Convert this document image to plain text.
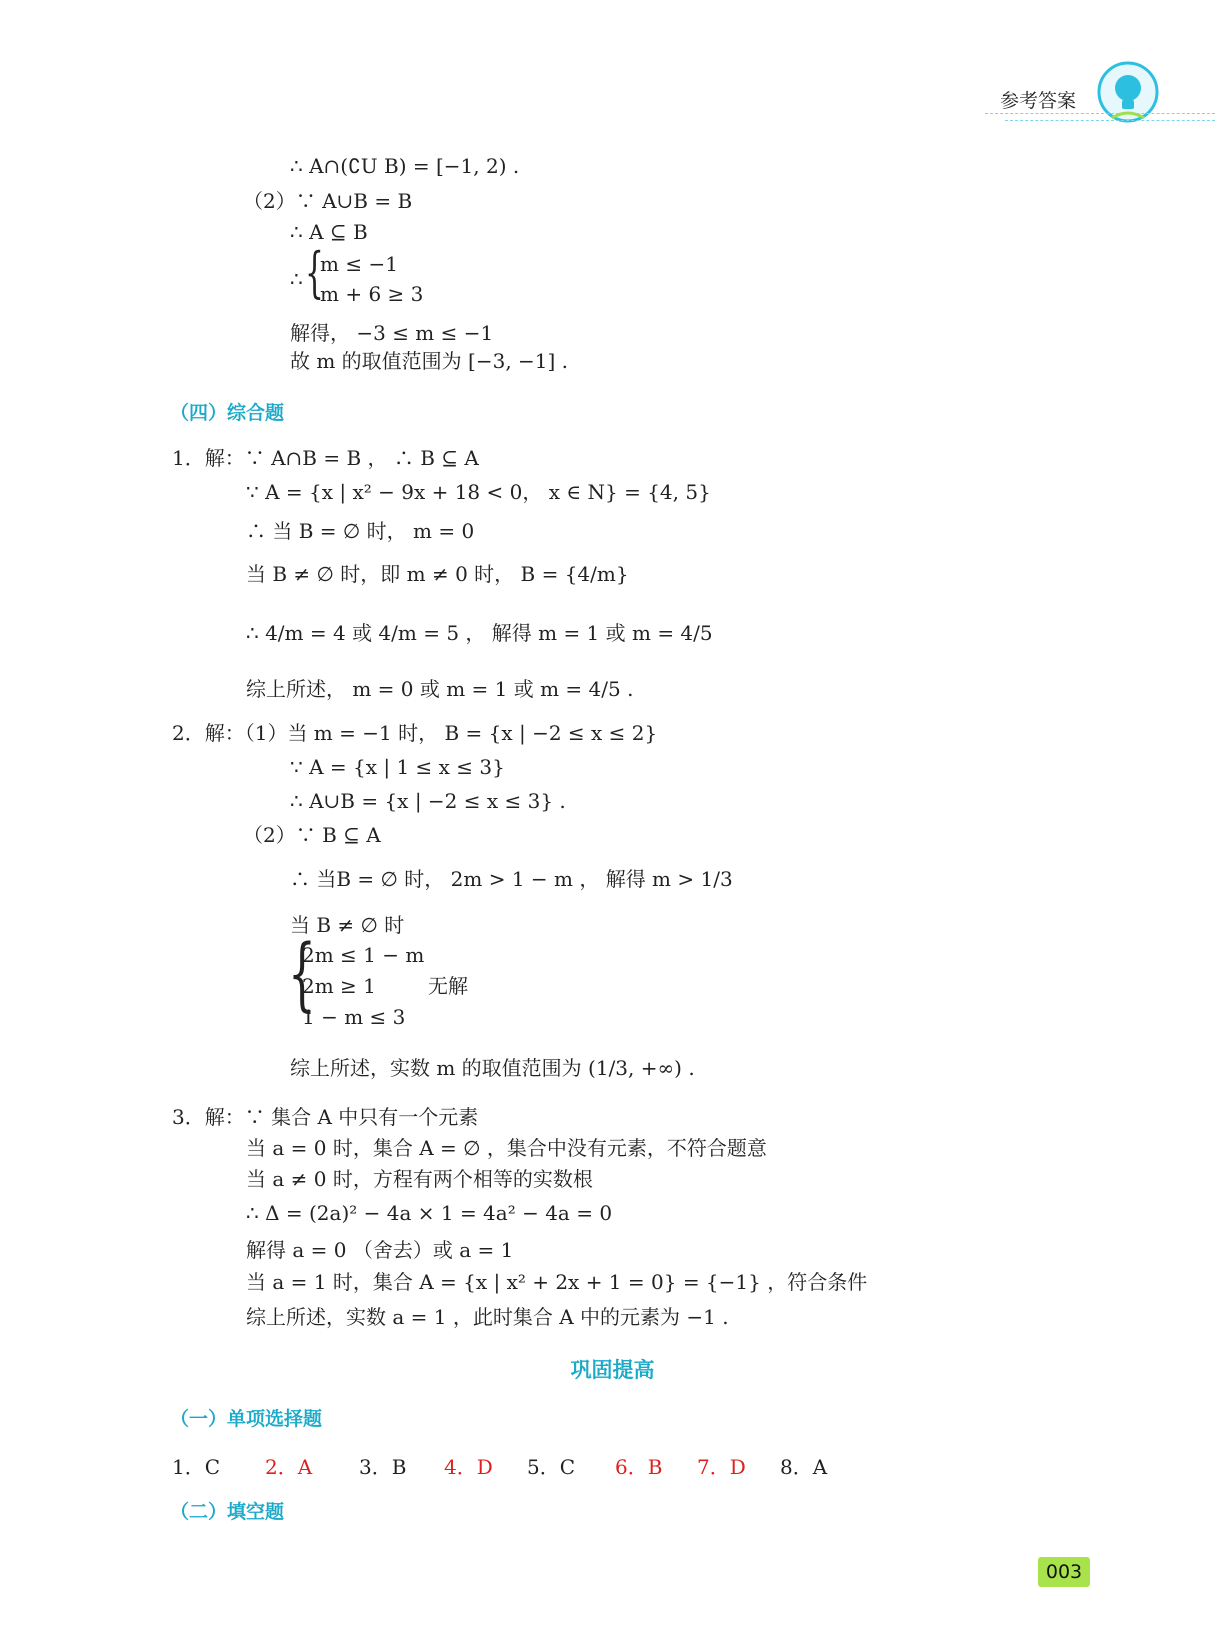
参考答案
∴ A∩(∁U B) = [−1, 2) .
（2）∵ A∪B = B
∴ A ⊆ B
∴ {
m ≤ −1
m + 6 ≥ 3
解得， −3 ≤ m ≤ −1
故 m 的取值范围为 [−3, −1] .
（四）综合题
1．解：∵ A∩B = B ， ∴ B ⊆ A
∵ A = {x | x² − 9x + 18 < 0， x ∈ N} = {4, 5}
∴ 当 B = ∅ 时， m = 0
当 B ≠ ∅ 时，即 m ≠ 0 时， B = {4/m}
∴ 4/m = 4 或 4/m = 5 ， 解得 m = 1 或 m = 4/5
综上所述， m = 0 或 m = 1 或 m = 4/5 .
2．解：（1）当 m = −1 时， B = {x | −2 ≤ x ≤ 2}
∵ A = {x | 1 ≤ x ≤ 3}
∴ A∪B = {x | −2 ≤ x ≤ 3} .
（2）∵ B ⊆ A
∴ 当B = ∅ 时， 2m > 1 − m ， 解得 m > 1/3
当 B ≠ ∅ 时
{
2m ≤ 1 − m
2m ≥ 1
1 − m ≤ 3
无解
综上所述，实数 m 的取值范围为 (1/3, +∞) .
3．解：∵ 集合 A 中只有一个元素
当 a = 0 时，集合 A = ∅ ，集合中没有元素，不符合题意
当 a ≠ 0 时，方程有两个相等的实数根
∴ Δ = (2a)² − 4a × 1 = 4a² − 4a = 0
解得 a = 0 （舍去）或 a = 1
当 a = 1 时，集合 A = {x | x² + 2x + 1 = 0} = {−1} ，符合条件
综上所述，实数 a = 1 ，此时集合 A 中的元素为 −1 .
巩固提高
（一）单项选择题
1．C 2．A 3．B 4．D 5．C 6．B 7．D 8．A
（二）填空题
003
